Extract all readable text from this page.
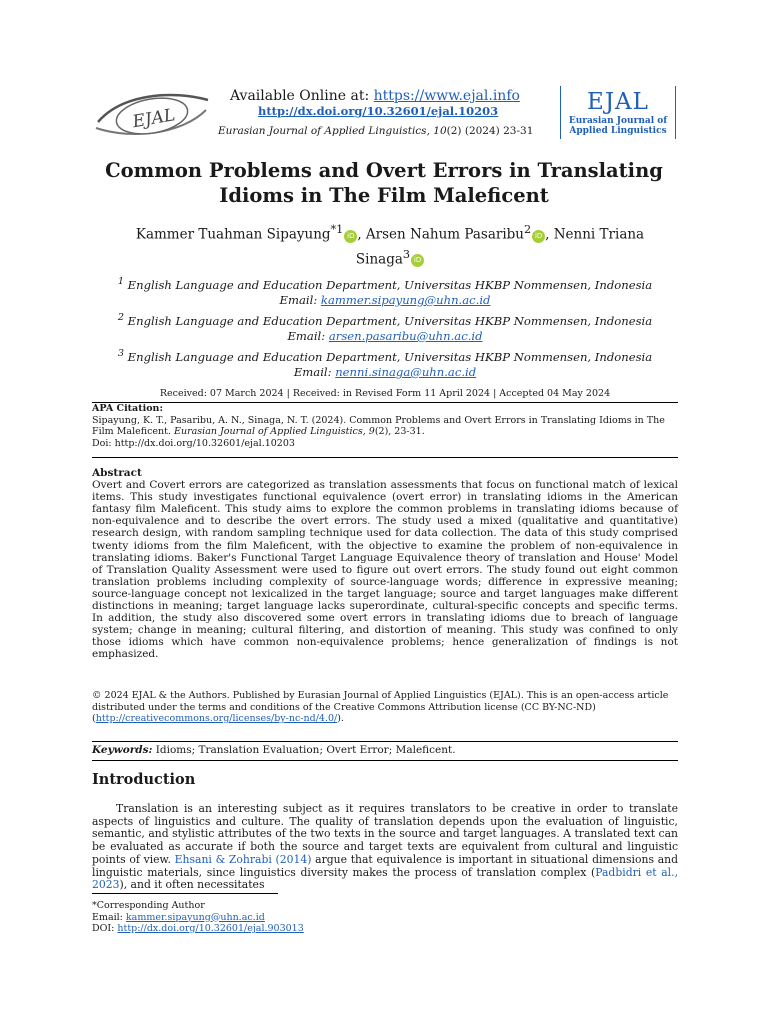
EJAL
Available Online at: https://www.ejal.info
http://dx.doi.org/10.32601/ejal.10203
Eurasian Journal of Applied Linguistics, 10(2) (2024) 23-31
EJAL
Eurasian Journal of
Applied Linguistics
Common Problems and Overt Errors in Translating Idioms in The Film Maleficent
Kammer Tuahman Sipayung$^{*1}$ iD , Arsen Nahum Pasaribu$^2$ iD , Nenni Triana Sinaga$^3$ iD
$^1$ English Language and Education Department, Universitas HKBP Nommensen, Indonesia
Email: kammer.sipayung@uhn.ac.id
$^2$ English Language and Education Department, Universitas HKBP Nommensen, Indonesia
Email: arsen.pasaribu@uhn.ac.id
$^3$ English Language and Education Department, Universitas HKBP Nommensen, Indonesia
Email: nenni.sinaga@uhn.ac.id
Received: 07 March 2024 | Received: in Revised Form 11 April 2024 | Accepted 04 May 2024
APA Citation:
Sipayung, K. T., Pasaribu, A. N., Sinaga, N. T. (2024). Common Problems and Overt Errors in Translating Idioms in The Film Maleficent. Eurasian Journal of Applied Linguistics, 9(2), 23-31.
Doi: http://dx.doi.org/10.32601/ejal.10203
Abstract

Overt and Covert errors are categorized as translation assessments that focus on functional match of lexical items. This study investigates functional equivalence (overt error) in translating idioms in the American fantasy film Maleficent. This study aims to explore the common problems in translating idioms because of non-equivalence and to describe the overt errors. The study used a mixed (qualitative and quantitative) research design, with random sampling technique used for data collection. The data of this study comprised twenty idioms from the film Maleficent, with the objective to examine the problem of non-equivalence in translating idioms. Baker's Functional Target Language Equivalence theory of translation and House' Model of Translation Quality Assessment were used to figure out overt errors. The study found out eight common translation problems including complexity of source-language words; difference in expressive meaning; source-language concept not lexicalized in the target language; source and target languages make different distinctions in meaning; target language lacks superordinate, cultural-specific concepts and specific terms. In addition, the study also discovered some overt errors in translating idioms due to breach of language system; change in meaning; cultural filtering, and distortion of meaning. This study was confined to only those idioms which have common non-equivalence problems; hence generalization of findings is not emphasized.

© 2024 EJAL & the Authors. Published by Eurasian Journal of Applied Linguistics (EJAL). This is an open-access article distributed under the terms and conditions of the Creative Commons Attribution license (CC BY-NC-ND)
(http://creativecommons.org/licenses/by-nc-nd/4.0/).
Keywords: Idioms; Translation Evaluation; Overt Error; Maleficent.
Introduction
Translation is an interesting subject as it requires translators to be creative in order to translate aspects of linguistics and culture. The quality of translation depends upon the evaluation of linguistic, semantic, and stylistic attributes of the two texts in the source and target languages. A translated text can be evaluated as accurate if both the source and target texts are equivalent from cultural and linguistic points of view. Ehsani & Zohrabi (2014) argue that equivalence is important in situational dimensions and linguistic materials, since linguistics diversity makes the process of translation complex (Padbidri et al., 2023), and it often necessitates
*Corresponding Author
Email: kammer.sipayung@uhn.ac.id
DOI: http://dx.doi.org/10.32601/ejal.903013
